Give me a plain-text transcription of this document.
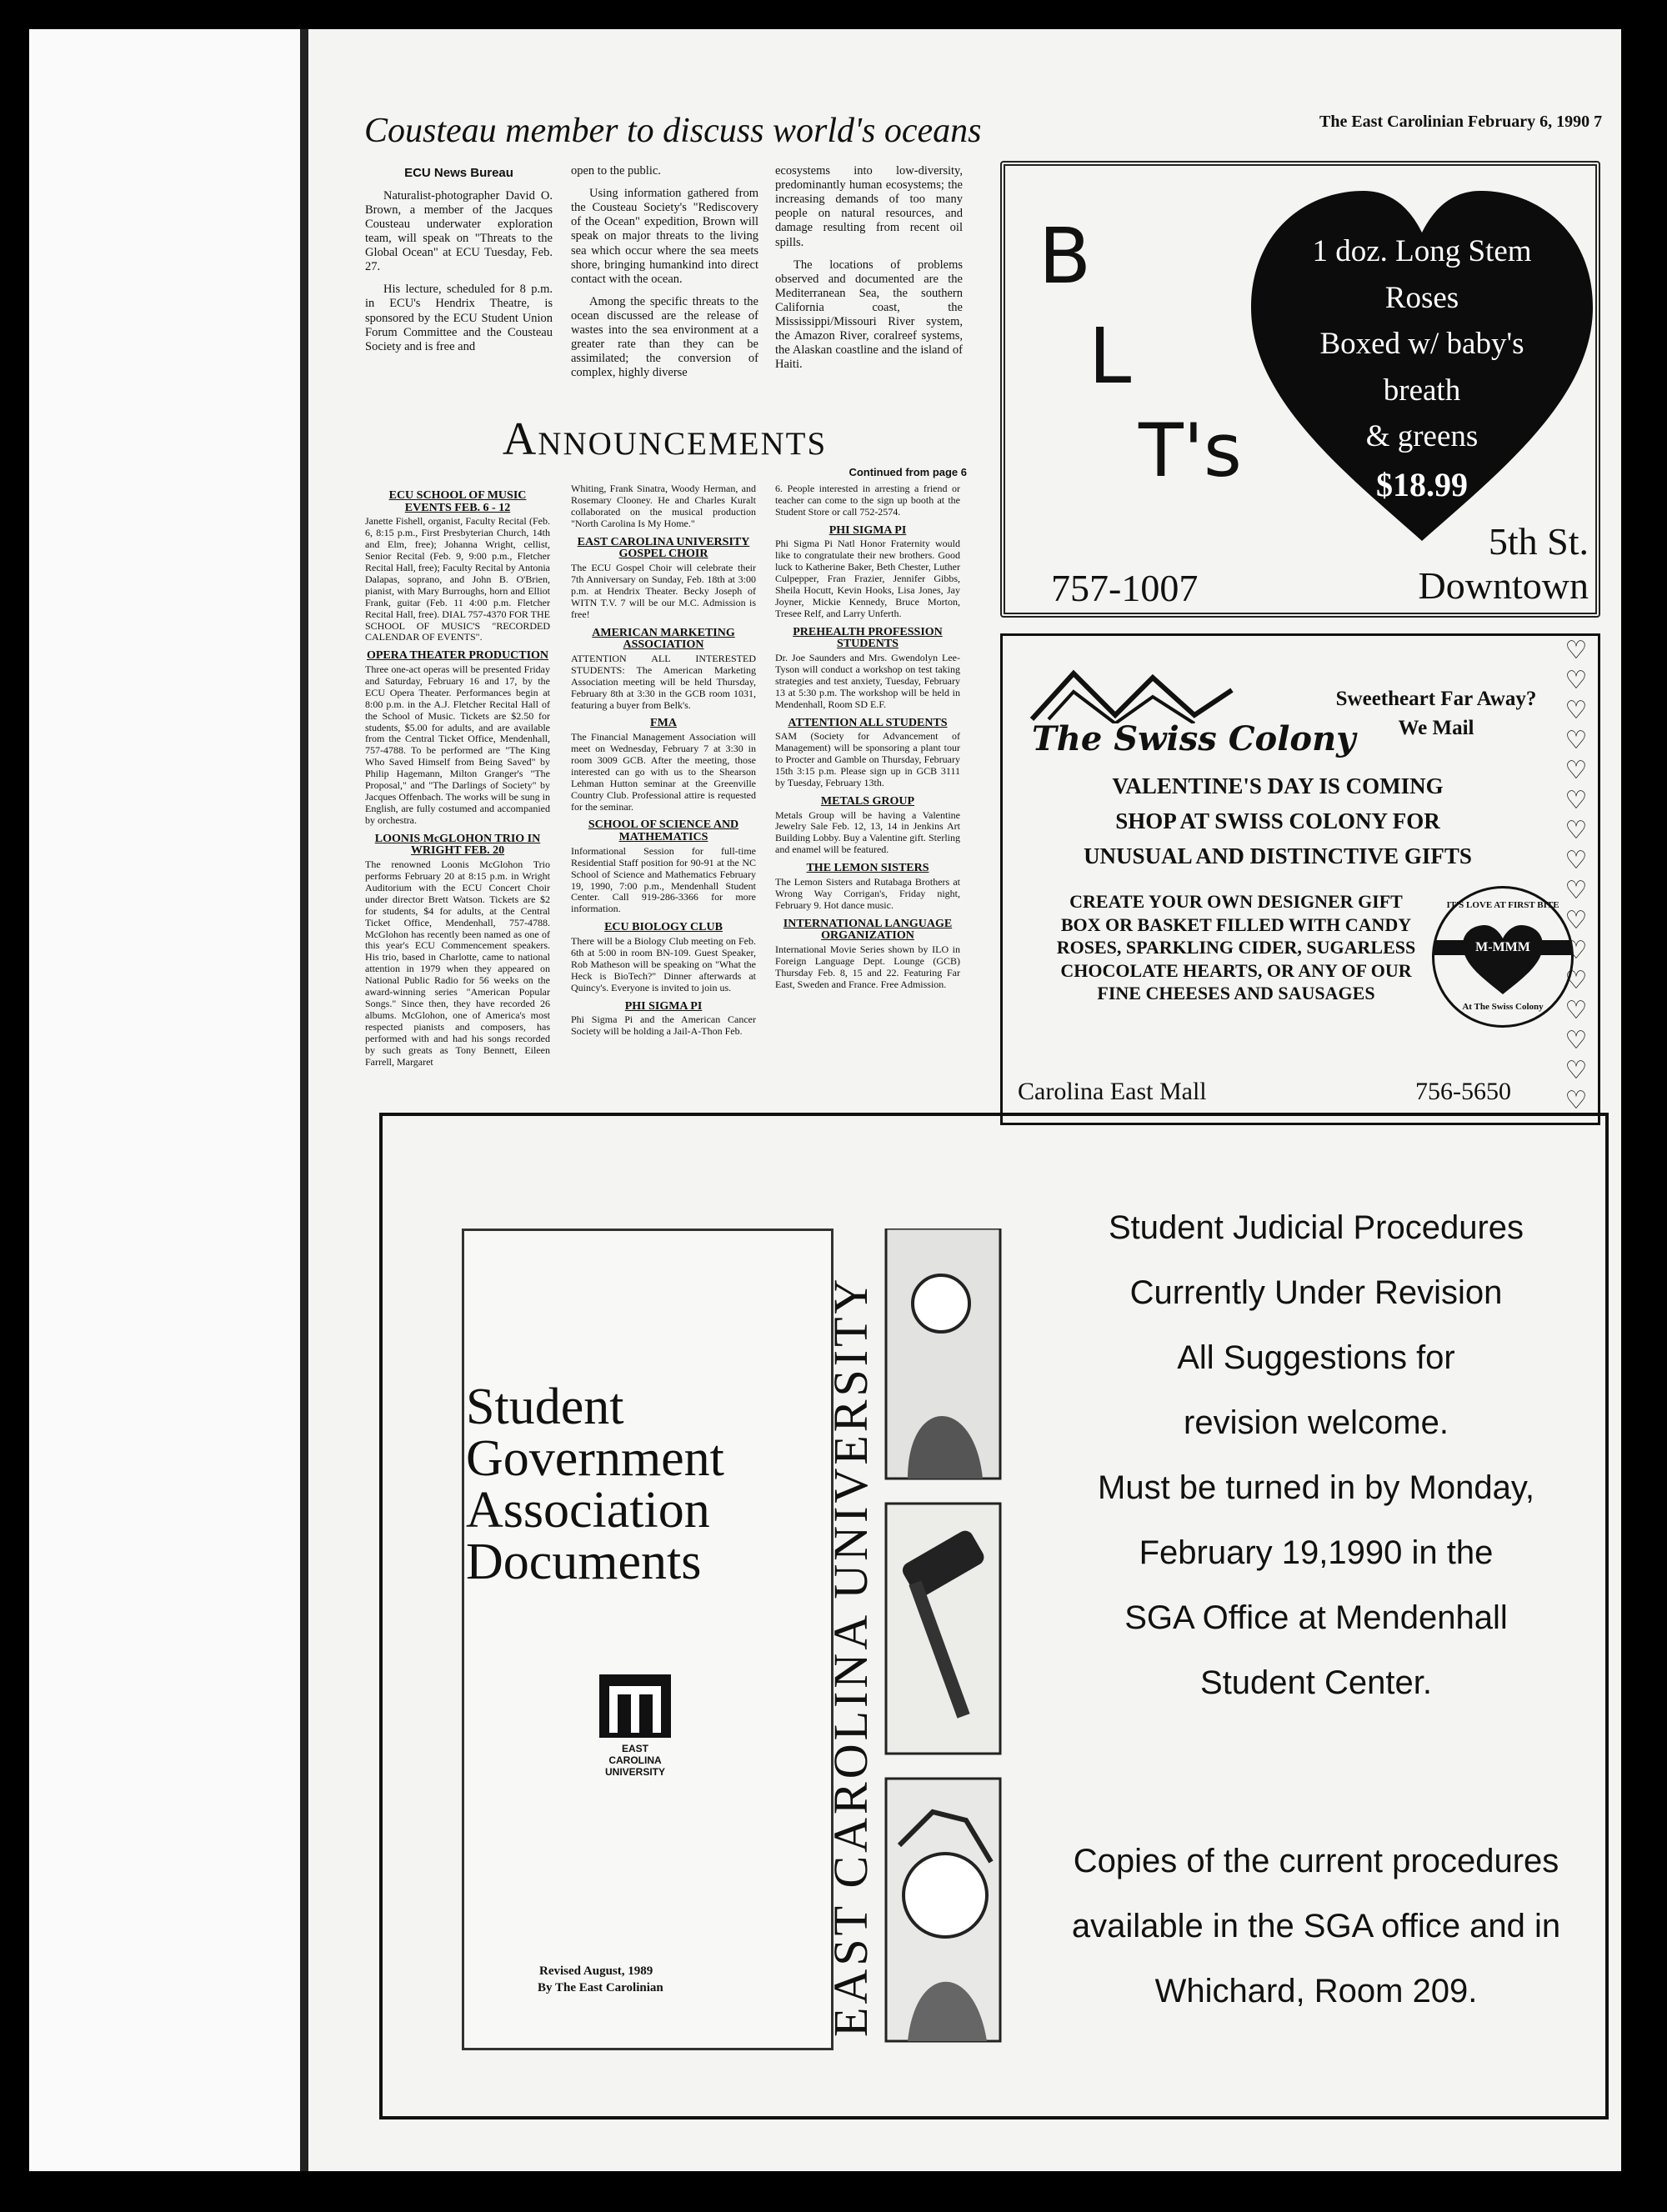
Cousteau member to discuss world's oceans	The East Carolinian February 6, 1990 7
ECU News Bureau

Naturalist-photographer David O. Brown, a member of the Jacques Cousteau underwater exploration team, will speak on "Threats to the Global Ocean" at ECU Tuesday, Feb. 27.

His lecture, scheduled for 8 p.m. in ECU's Hendrix Theatre, is sponsored by the ECU Student Union Forum Committee and the Cousteau Society and is free and

open to the public.

Using information gathered from the Cousteau Society's "Rediscovery of the Ocean" expedition, Brown will speak on major threats to the living sea which occur where the sea meets shore, bringing humankind into direct contact with the ocean.

Among the specific threats to the ocean discussed are the release of wastes into the sea environment at a greater rate than they can be assimilated; the conversion of complex, highly diverse

ecosystems into low-diversity, predominantly human ecosystems; the increasing demands of too many people on natural resources, and damage resulting from recent oil spills.

The locations of problems observed and documented are the Mediterranean Sea, the southern California coast, the Mississippi/Missouri River system, the Amazon River, coralreef systems, the Alaskan coastline and the island of Haiti.

Announcements
Continued from page 6
ECU SCHOOL OF MUSIC EVENTS FEB. 6 - 12

Janette Fishell, organist, Faculty Recital (Feb. 6, 8:15 p.m., First Presbyterian Church, 14th and Elm, free); Johanna Wright, cellist, Senior Recital (Feb. 9, 9:00 p.m., Fletcher Recital Hall, free); Faculty Recital by Antonia Dalapas, soprano, and John B. O'Brien, pianist, with Mary Burroughs, horn and Elliot Frank, guitar (Feb. 11 4:00 p.m. Fletcher Recital Hall, free). DIAL 757-4370 FOR THE SCHOOL OF MUSIC'S "RECORDED CALENDAR OF EVENTS".

OPERA THEATER PRODUCTION

Three one-act operas will be presented Friday and Saturday, February 16 and 17, by the ECU Opera Theater. Performances begin at 8:00 p.m. in the A.J. Fletcher Recital Hall of the School of Music. Tickets are $2.50 for students, $5.00 for adults, and are available from the Central Ticket Office, Mendenhall, 757-4788. To be performed are "The King Who Saved Himself from Being Saved" by Philip Hagemann, Milton Granger's "The Proposal," and "The Darlings of Society" by Jacques Offenbach. The works will be sung in English, are fully costumed and accompanied by orchestra.

LOONIS McGLOHON TRIO IN WRIGHT FEB. 20

The renowned Loonis McGlohon Trio performs February 20 at 8:15 p.m. in Wright Auditorium with the ECU Concert Choir under director Brett Watson. Tickets are $2 for students, $4 for adults, at the Central Ticket Office, Mendenhall, 757-4788. McGlohon has recently been named as one of this year's ECU Commencement speakers. His trio, based in Charlotte, came to national attention in 1979 when they appeared on National Public Radio for 56 weeks on the award-winning series "American Popular Songs." Since then, they have recorded 26 albums. McGlohon, one of America's most respected pianists and composers, has performed with and had his songs recorded by such greats as Tony Bennett, Eileen Farrell, Margaret

Whiting, Frank Sinatra, Woody Herman, and Rosemary Clooney. He and Charles Kuralt collaborated on the musical production "North Carolina Is My Home."

EAST CAROLINA UNIVERSITY GOSPEL CHOIR

The ECU Gospel Choir will celebrate their 7th Anniversary on Sunday, Feb. 18th at 3:00 p.m. at Hendrix Theater. Becky Joseph of WITN T.V. 7 will be our M.C. Admission is free!

AMERICAN MARKETING ASSOCIATION

ATTENTION ALL INTERESTED STUDENTS: The American Marketing Association meeting will be held Thursday, February 8th at 3:30 in the GCB room 1031, featuring a buyer from Belk's.

FMA

The Financial Management Association will meet on Wednesday, February 7 at 3:30 in room 3009 GCB. After the meeting, those interested can go with us to the Shearson Lehman Hutton seminar at the Greenville Country Club. Professional attire is requested for the seminar.

SCHOOL OF SCIENCE AND MATHEMATICS

Informational Session for full-time Residential Staff position for 90-91 at the NC School of Science and Mathematics February 19, 1990, 7:00 p.m., Mendenhall Student Center. Call 919-286-3366 for more information.

ECU BIOLOGY CLUB

There will be a Biology Club meeting on Feb. 6th at 5:00 in room BN-109. Guest Speaker, Rob Matheson will be speaking on "What the Heck is BioTech?" Dinner afterwards at Quincy's. Everyone is invited to join us.

PHI SIGMA PI

Phi Sigma Pi and the American Cancer Society will be holding a Jail-A-Thon Feb.

6. People interested in arresting a friend or teacher can come to the sign up booth at the Student Store or call 752-2574.

PHI SIGMA PI

Phi Sigma Pi Natl Honor Fraternity would like to congratulate their new brothers. Good luck to Katherine Baker, Beth Chester, Luther Culpepper, Fran Frazier, Jennifer Gibbs, Sheila Hocutt, Kevin Hooks, Lisa Jones, Jay Joyner, Mickie Kennedy, Bruce Morton, Tresee Relf, and Larry Unferth.

PREHEALTH PROFESSION STUDENTS

Dr. Joe Saunders and Mrs. Gwendolyn Lee-Tyson will conduct a workshop on test taking strategies and test anxiety, Tuesday, February 13 at 5:30 p.m. The workshop will be held in Mendenhall, Room SD E.F.

ATTENTION ALL STUDENTS

SAM (Society for Advancement of Management) will be sponsoring a plant tour to Procter and Gamble on Thursday, February 15th 3:15 p.m. Please sign up in GCB 3111 by Tuesday, February 13th.

METALS GROUP

Metals Group will be having a Valentine Jewelry Sale Feb. 12, 13, 14 in Jenkins Art Building Lobby. Buy a Valentine gift. Sterling and enamel will be featured.

THE LEMON SISTERS

The Lemon Sisters and Rutabaga Brothers at Wrong Way Corrigan's, Friday night, February 9. Hot dance music.

INTERNATIONAL LANGUAGE ORGANIZATION

International Movie Series shown by ILO in Foreign Language Dept. Lounge (GCB) Thursday Feb. 8, 15 and 22. Featuring Far East, Sweden and France. Free Admission.

B
L
T's
1 doz. Long Stem
Roses
Boxed w/ baby's
breath
& greens
$18.99
757-1007
5th St.
Downtown
The Swiss Colony
Sweetheart Far Away?
We Mail
VALENTINE'S DAY IS COMING
SHOP AT SWISS COLONY FOR
UNUSUAL AND DISTINCTIVE GIFTS
CREATE YOUR OWN DESIGNER GIFT
BOX OR BASKET FILLED WITH CANDY
ROSES, SPARKLING CIDER, SUGARLESS
CHOCOLATE HEARTS, OR ANY OF OUR
FINE CHEESES AND SAUSAGES
IT'S LOVE AT FIRST BITE
M-MMM
At The Swiss Colony
Carolina East Mall	756-5650
♡
♡
♡
♡
♡
♡
♡
♡
♡
♡
♡
♡
♡
♡
♡
♡
Student
Government
Association
Documents
EAST
CAROLINA
UNIVERSITY
Revised August, 1989
By The East Carolinian	EAST CAROLINA UNIVERSITY
Student Judicial Procedures
Currently Under Revision
All Suggestions for
revision welcome.
Must be turned in by Monday,
February 19,1990 in the
SGA Office at Mendenhall
Student Center.
Copies of the current procedures
available in the SGA office and in
Whichard, Room 209.
